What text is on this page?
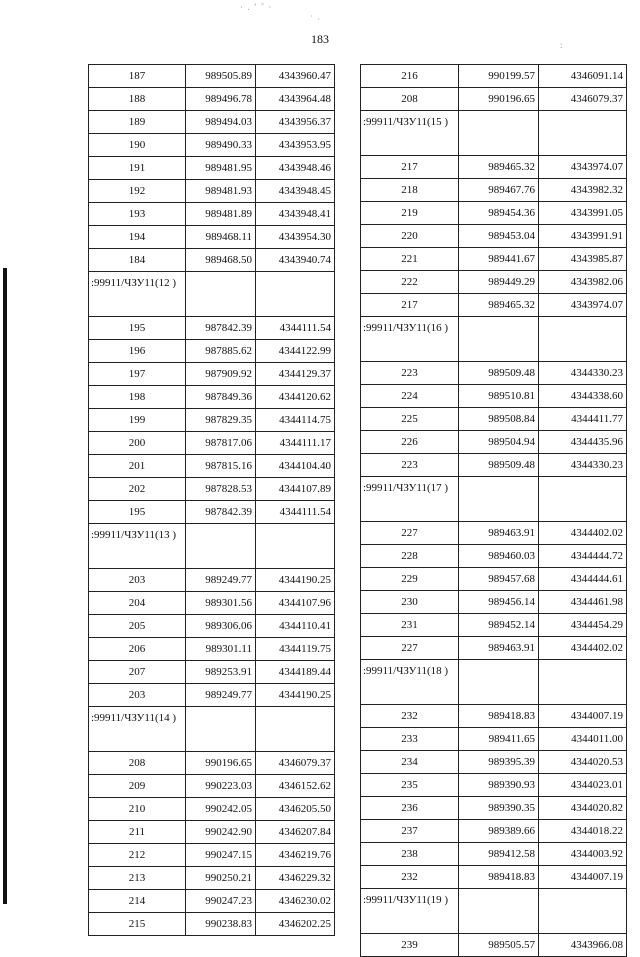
183
· . ʼ ˚ ·
˙ ·
:
187	989505.89	4343960.47
188	989496.78	4343964.48
189	989494.03	4343956.37
190	989490.33	4343953.95
191	989481.95	4343948.46
192	989481.93	4343948.45
193	989481.89	4343948.41
194	989468.11	4343954.30
184	989468.50	4343940.74
:99911/ЧЗУ11(12 )		
195	987842.39	4344111.54
196	987885.62	4344122.99
197	987909.92	4344129.37
198	987849.36	4344120.62
199	987829.35	4344114.75
200	987817.06	4344111.17
201	987815.16	4344104.40
202	987828.53	4344107.89
195	987842.39	4344111.54
:99911/ЧЗУ11(13 )		
203	989249.77	4344190.25
204	989301.56	4344107.96
205	989306.06	4344110.41
206	989301.11	4344119.75
207	989253.91	4344189.44
203	989249.77	4344190.25
:99911/ЧЗУ11(14 )		
208	990196.65	4346079.37
209	990223.03	4346152.62
210	990242.05	4346205.50
211	990242.90	4346207.84
212	990247.15	4346219.76
213	990250.21	4346229.32
214	990247.23	4346230.02
215	990238.83	4346202.25
216	990199.57	4346091.14
208	990196.65	4346079.37
:99911/ЧЗУ11(15 )		
217	989465.32	4343974.07
218	989467.76	4343982.32
219	989454.36	4343991.05
220	989453.04	4343991.91
221	989441.67	4343985.87
222	989449.29	4343982.06
217	989465.32	4343974.07
:99911/ЧЗУ11(16 )		
223	989509.48	4344330.23
224	989510.81	4344338.60
225	989508.84	4344411.77
226	989504.94	4344435.96
223	989509.48	4344330.23
:99911/ЧЗУ11(17 )		
227	989463.91	4344402.02
228	989460.03	4344444.72
229	989457.68	4344444.61
230	989456.14	4344461.98
231	989452.14	4344454.29
227	989463.91	4344402.02
:99911/ЧЗУ11(18 )		
232	989418.83	4344007.19
233	989411.65	4344011.00
234	989395.39	4344020.53
235	989390.93	4344023.01
236	989390.35	4344020.82
237	989389.66	4344018.22
238	989412.58	4344003.92
232	989418.83	4344007.19
:99911/ЧЗУ11(19 )		
239	989505.57	4343966.08
